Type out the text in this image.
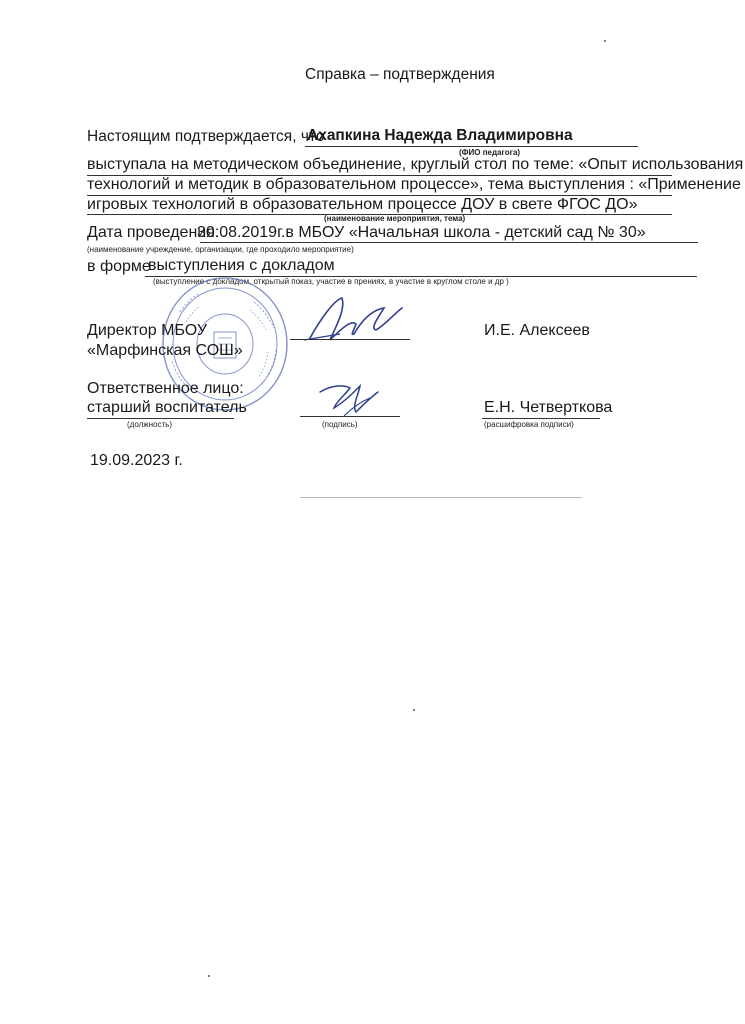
Справка – подтверждения
Настоящим подтверждается, что
Ахапкина Надежда Владимировна
(ФИО педагога)
выступала на методическом объединение, круглый стол по теме: «Опыт использования
технологий и методик в образовательном процессе», тема выступления : «Применение
игровых технологий в образовательном процессе ДОУ в свете ФГОС ДО»
(наименование мероприятия, тема)
Дата проведения:
30.08.2019г.в МБОУ «Начальная школа - детский сад № 30»
(наименование учреждение, организации, где проходило мероприятие)
в форме
выступления с докладом
(выступление с докладом, открытый показ, участие в прениях, в участие в круглом столе и др )
Директор МБОУ
«Марфинская СОШ»
И.Е. Алексеев
Ответственное лицо:
старший воспитатель
(должность)	(подпись)
Е.Н. Четверткова
(расшифровка подписи)
19.09.2023 г.
